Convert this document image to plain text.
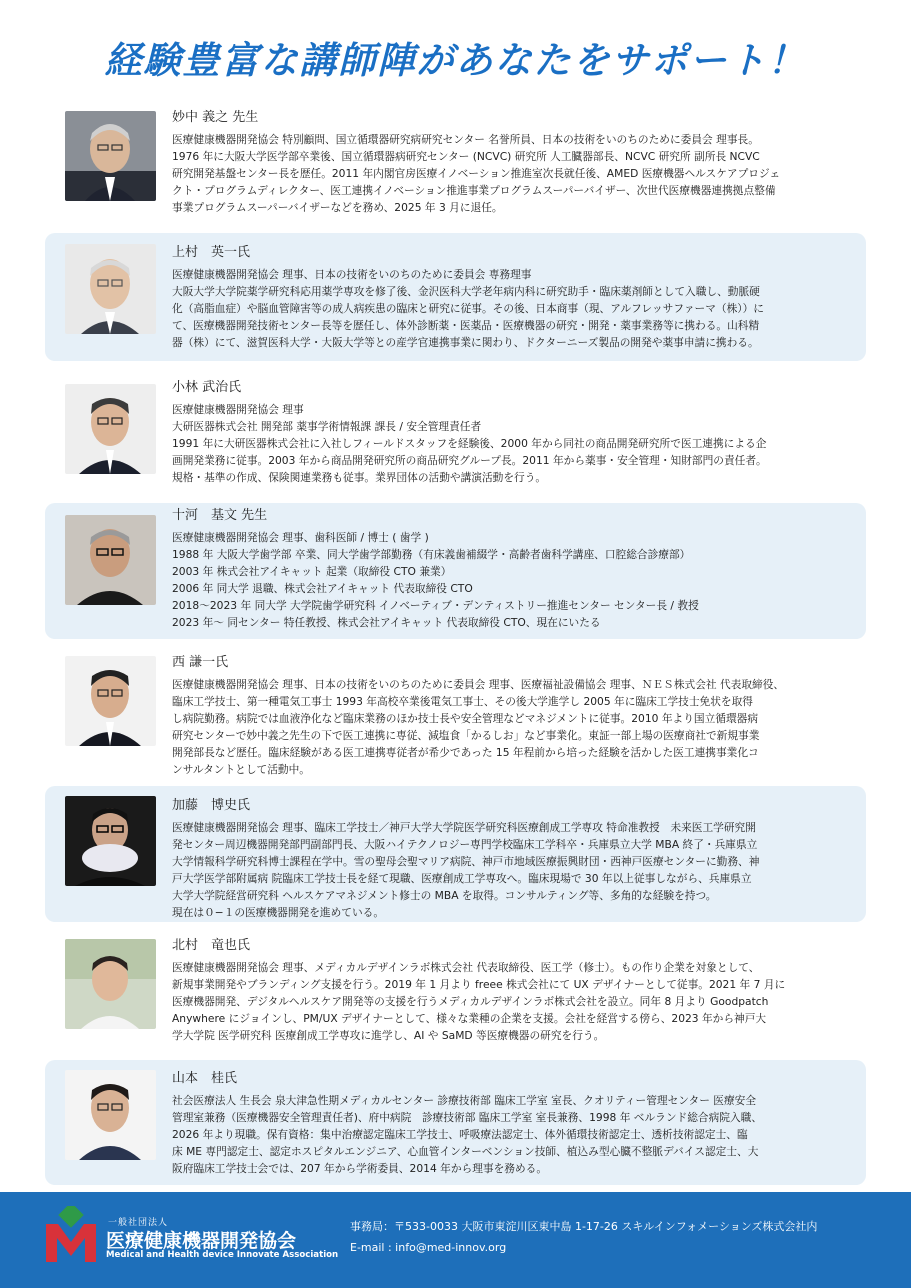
経験豊富な講師陣があなたをサポート！

妙中 義之 先生

医療健康機器開発協会 特別顧問、国立循環器研究病研究センター 名誉所員、日本の技術をいのちのために委員会 理事長。
1976 年に大阪大学医学部卒業後、国立循環器病研究センター (NCVC) 研究所 人工臓器部長、NCVC 研究所 副所長 NCVC
研究開発基盤センター長を歴任。2011 年内閣官房医療イノベーション推進室次長就任後、AMED 医療機器ヘルスケアプロジェ
クト・プログラムディレクター、医工連携イノベーション推進事業プログラムスーパーバイザー、次世代医療機器連携拠点整備
事業プログラムスーパーバイザーなどを務め、2025 年 3 月に退任。

上村　英一氏

医療健康機器開発協会 理事、日本の技術をいのちのために委員会 専務理事
大阪大学大学院薬学研究科応用薬学専攻を修了後、金沢医科大学老年病内科に研究助手・臨床薬剤師として入職し、動脈硬
化（高脂血症）や脳血管障害等の成人病疾患の臨床と研究に従事。その後、日本商事（現、アルフレッサファーマ（株））に
て、医療機器開発技術センター長等を歴任し、体外診断薬・医薬品・医療機器の研究・開発・薬事業務等に携わる。山科精
器（株）にて、滋賀医科大学・大阪大学等との産学官連携事業に関わり、ドクターニーズ製品の開発や薬事申請に携わる。

小林 武治氏

医療健康機器開発協会 理事
大研医器株式会社 開発部 薬事学術情報課 課長 / 安全管理責任者
1991 年に大研医器株式会社に入社しフィールドスタッフを経験後、2000 年から同社の商品開発研究所で医工連携による企
画開発業務に従事。2003 年から商品開発研究所の商品研究グループ長。2011 年から薬事・安全管理・知財部門の責任者。
規格・基準の作成、保険関連業務も従事。業界団体の活動や講演活動を行う。

十河　基文 先生

医療健康機器開発協会 理事、歯科医師 / 博士 ( 歯学 )
1988 年 大阪大学歯学部 卒業、同大学歯学部勤務（有床義歯補綴学・高齢者歯科学講座、口腔総合診療部）
2003 年 株式会社アイキャット 起業（取締役 CTO 兼業）
2006 年 同大学 退職、株式会社アイキャット 代表取締役 CTO
2018〜2023 年 同大学 大学院歯学研究科 イノベーティブ・デンティストリー推進センター センター長 / 教授
2023 年〜 同センター 特任教授、株式会社アイキャット 代表取締役 CTO、現在にいたる

西 謙一氏

医療健康機器開発協会 理事、日本の技術をいのちのために委員会 理事、医療福祉設備協会 理事、ＮＥＳ株式会社 代表取締役、
臨床工学技士、第一種電気工事士 1993 年高校卒業後電気工事士、その後大学進学し 2005 年に臨床工学技士免状を取得
し病院勤務。病院では血液浄化など臨床業務のほか技士長や安全管理などマネジメントに従事。2010 年より国立循環器病
研究センターで妙中義之先生の下で医工連携に専従、減塩食「かるしお」など事業化。東証一部上場の医療商社で新規事業
開発部長など歴任。臨床経験がある医工連携専従者が希少であった 15 年程前から培った経験を活かした医工連携事業化コ
ンサルタントとして活動中。

加藤　博史氏

医療健康機器開発協会 理事、臨床工学技士／神戸大学大学院医学研究科医療創成工学専攻 特命准教授　未来医工学研究開
発センター周辺機器開発部門副部門長、大阪ハイテクノロジー専門学校臨床工学科卒・兵庫県立大学 MBA 終了・兵庫県立
大学情報科学研究科博士課程在学中。雪の聖母会聖マリア病院、神戸市地域医療振興財団・西神戸医療センターに勤務、神
戸大学医学部附属病 院臨床工学技士長を経て現職、医療創成工学専攻へ。臨床現場で 30 年以上従事しながら、兵庫県立
大学大学院経営研究科 ヘルスケアマネジメント修士の MBA を取得。コンサルティング等、多角的な経験を持つ。
現在は０−１の医療機器開発を進めている。

北村　竜也氏

医療健康機器開発協会 理事、メディカルデザインラボ株式会社 代表取締役、医工学（修士）。もの作り企業を対象として、
新規事業開発やブランディング支援を行う。2019 年 1 月より freee 株式会社にて UX デザイナーとして従事。2021 年 7 月に
医療機器開発、デジタルヘルスケア開発等の支援を行うメディカルデザインラボ株式会社を設立。同年 8 月より Goodpatch
Anywhere にジョインし、PM/UX デザイナーとして、様々な業種の企業を支援。会社を経営する傍ら、2023 年から神戸大
学大学院 医学研究科 医療創成工学専攻に進学し、AI や SaMD 等医療機器の研究を行う。

山本　桂氏

社会医療法人 生長会 泉大津急性期メディカルセンター 診療技術部 臨床工学室 室長、クオリティー管理センター 医療安全
管理室兼務（医療機器安全管理責任者)、府中病院　診療技術部 臨床工学室 室長兼務、1998 年 ベルランド総合病院入職、
2026 年より現職。保有資格：集中治療認定臨床工学技士、呼吸療法認定士、体外循環技術認定士、透析技術認定士、臨
床 ME 専門認定士、認定ホスピタルエンジニア、心血管インターベンション技師、植込み型心臓不整脈デバイス認定士、大
阪府臨床工学技士会では、207 年から学術委員、2014 年から理事を務める。

一般社団法人
医療健康機器開発協会
Medical and Health device Innovate Association
事務局：〒533-0033 大阪市東淀川区東中島 1-17-26 スキルインフォメーションズ株式会社内
E-mail : info@med-innov.org
